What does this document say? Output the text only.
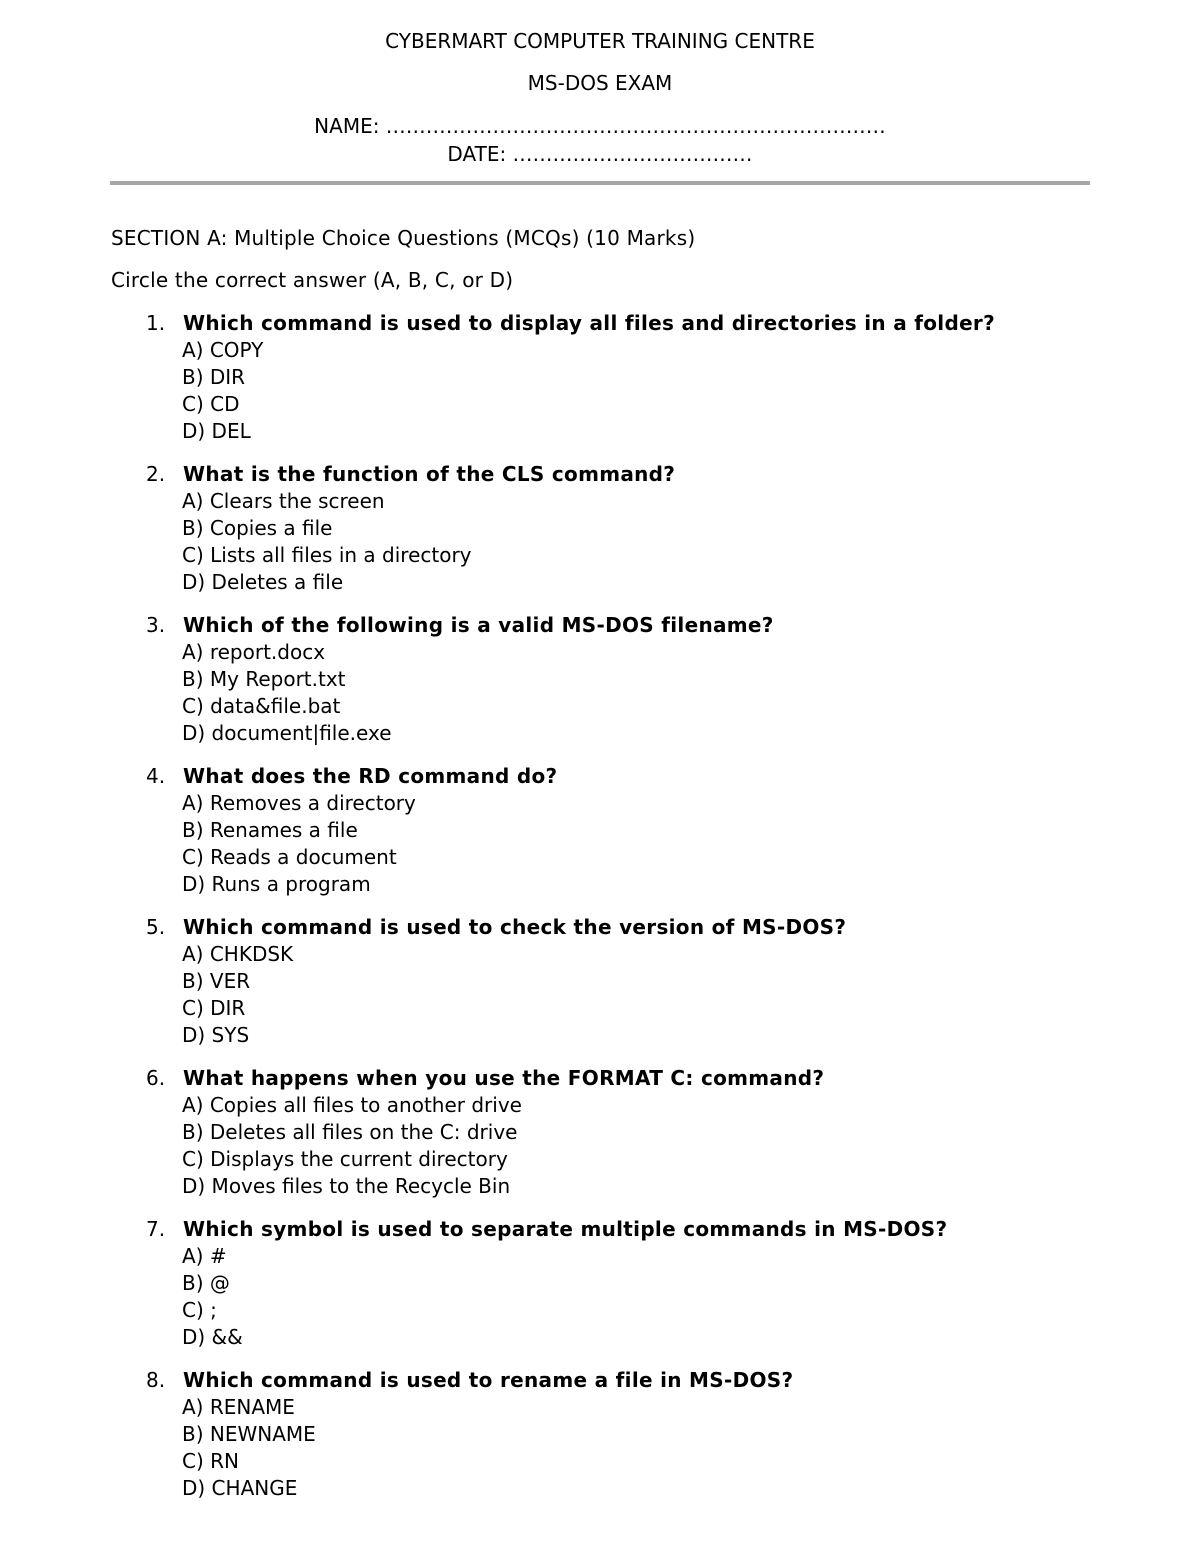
CYBERMART COMPUTER TRAINING CENTRE
MS-DOS EXAM
NAME: …………………………………………………………………
DATE: ………………………………
SECTION A: Multiple Choice Questions (MCQs) (10 Marks)
Circle the correct answer (A, B, C, or D)
1. Which command is used to display all files and directories in a folder?
A) COPY
B) DIR
C) CD
D) DEL
2. What is the function of the CLS command?
A) Clears the screen
B) Copies a file
C) Lists all files in a directory
D) Deletes a file
3. Which of the following is a valid MS-DOS filename?
A) report.docx
B) My Report.txt
C) data&file.bat
D) document|file.exe
4. What does the RD command do?
A) Removes a directory
B) Renames a file
C) Reads a document
D) Runs a program
5. Which command is used to check the version of MS-DOS?
A) CHKDSK
B) VER
C) DIR
D) SYS
6. What happens when you use the FORMAT C: command?
A) Copies all files to another drive
B) Deletes all files on the C: drive
C) Displays the current directory
D) Moves files to the Recycle Bin
7. Which symbol is used to separate multiple commands in MS-DOS?
A) #
B) @
C) ;
D) &&
8. Which command is used to rename a file in MS-DOS?
A) RENAME
B) NEWNAME
C) RN
D) CHANGE
